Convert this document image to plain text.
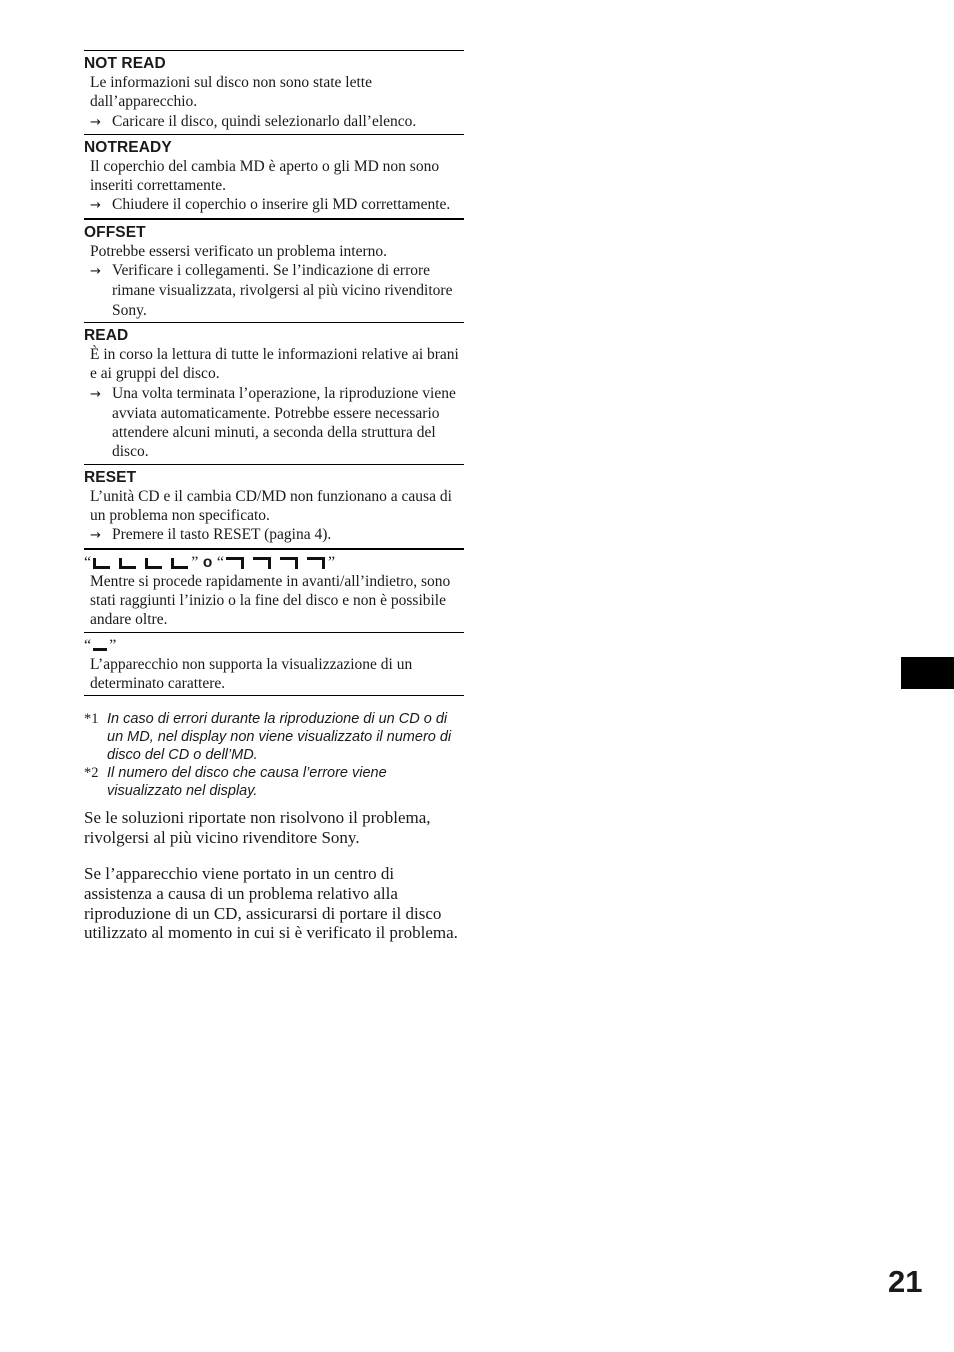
NOT READ
Le informazioni sul disco non sono state lette dall’apparecchio.
→ Caricare il disco, quindi selezionarlo dall’elenco.
NOTREADY
Il coperchio del cambia MD è aperto o gli MD non sono inseriti correttamente.
→ Chiudere il coperchio o inserire gli MD correttamente.
OFFSET
Potrebbe essersi verificato un problema interno.
→ Verificare i collegamenti. Se l’indicazione di errore rimane visualizzata, rivolgersi al più vicino rivenditore Sony.
READ
È in corso la lettura di tutte le informazioni relative ai brani e ai gruppi del disco.
→ Una volta terminata l’operazione, la riproduzione viene avviata automaticamente. Potrebbe essere necessario attendere alcuni minuti, a seconda della struttura del disco.
RESET
L’unità CD e il cambia CD/MD non funzionano a causa di un problema non specificato.
→ Premere il tasto RESET (pagina 4).
“	” o “	”
Mentre si procede rapidamente in avanti/all’indietro, sono stati raggiunti l’inizio o la fine del disco e non è possibile andare oltre.
“ ”
L’apparecchio non supporta la visualizzazione di un determinato carattere.
*1 In caso di errori durante la riproduzione di un CD o di un MD, nel display non viene visualizzato il numero di disco del CD o dell’MD.
*2 Il numero del disco che causa l’errore viene visualizzato nel display.

Se le soluzioni riportate non risolvono il problema, rivolgersi al più vicino rivenditore Sony.

Se l’apparecchio viene portato in un centro di assistenza a causa di un problema relativo alla riproduzione di un CD, assicurarsi di portare il disco utilizzato al momento in cui si è verificato il problema.

21
